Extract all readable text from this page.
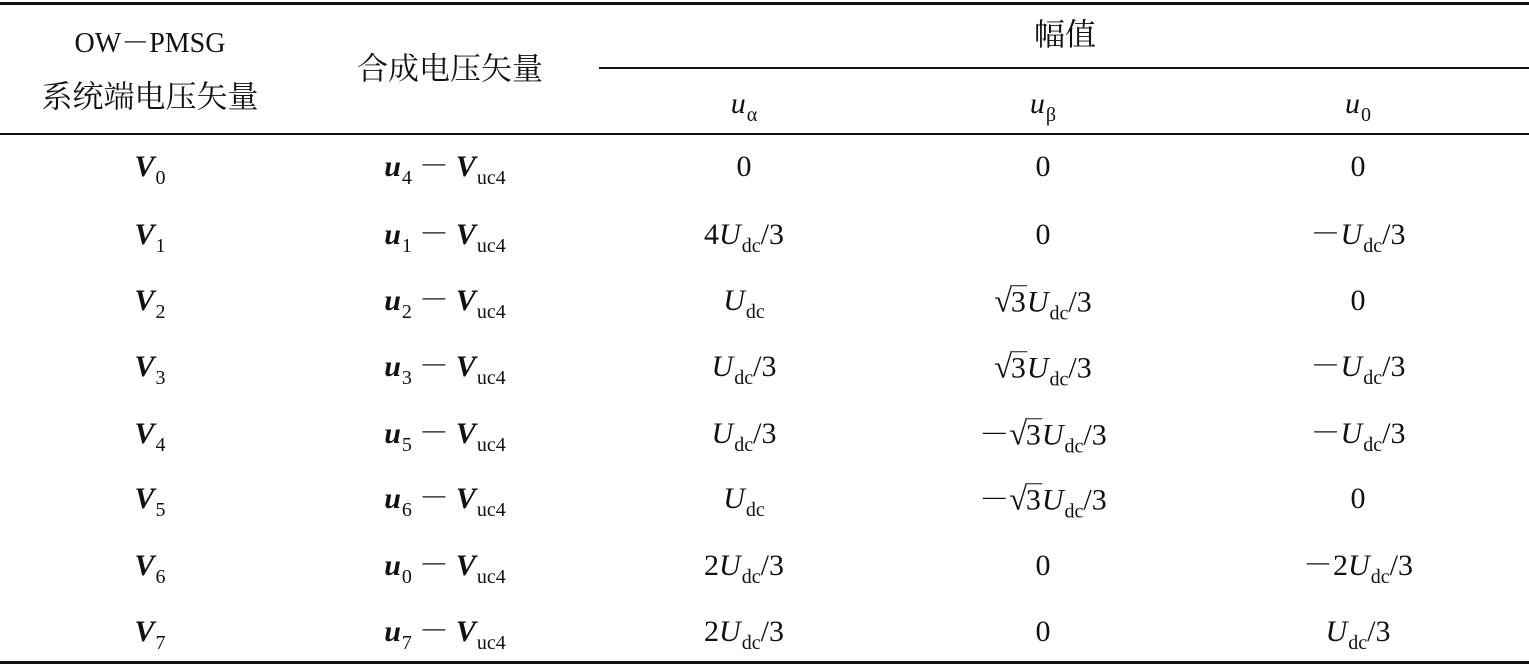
OW－PMSG
系统端电压矢量
合成电压矢量
幅值
$u_\alpha$	$u_\beta$	$u_0$
$V_0$	$u_4 - V_{uc4}$	0	0	0
$V_1$	$u_1 - V_{uc4}$	$4U_{dc}/3$	0	$-U_{dc}/3$
$V_2$	$u_2 - V_{uc4}$	$U_{dc}$	$√3U_{dc}/3$	0
$V_3$	$u_3 - V_{uc4}$	$U_{dc}/3$	$√3U_{dc}/3$	$-U_{dc}/3$
$V_4$	$u_5 - V_{uc4}$	$U_{dc}/3$	$-√3U_{dc}/3$	$-U_{dc}/3$
$V_5$	$u_6 - V_{uc4}$	$U_{dc}$	$-√3U_{dc}/3$	0
$V_6$	$u_0 - V_{uc4}$	$2U_{dc}/3$	0	$-2U_{dc}/3$
$V_7$	$u_7 - V_{uc4}$	$2U_{dc}/3$	0	$U_{dc}/3$
